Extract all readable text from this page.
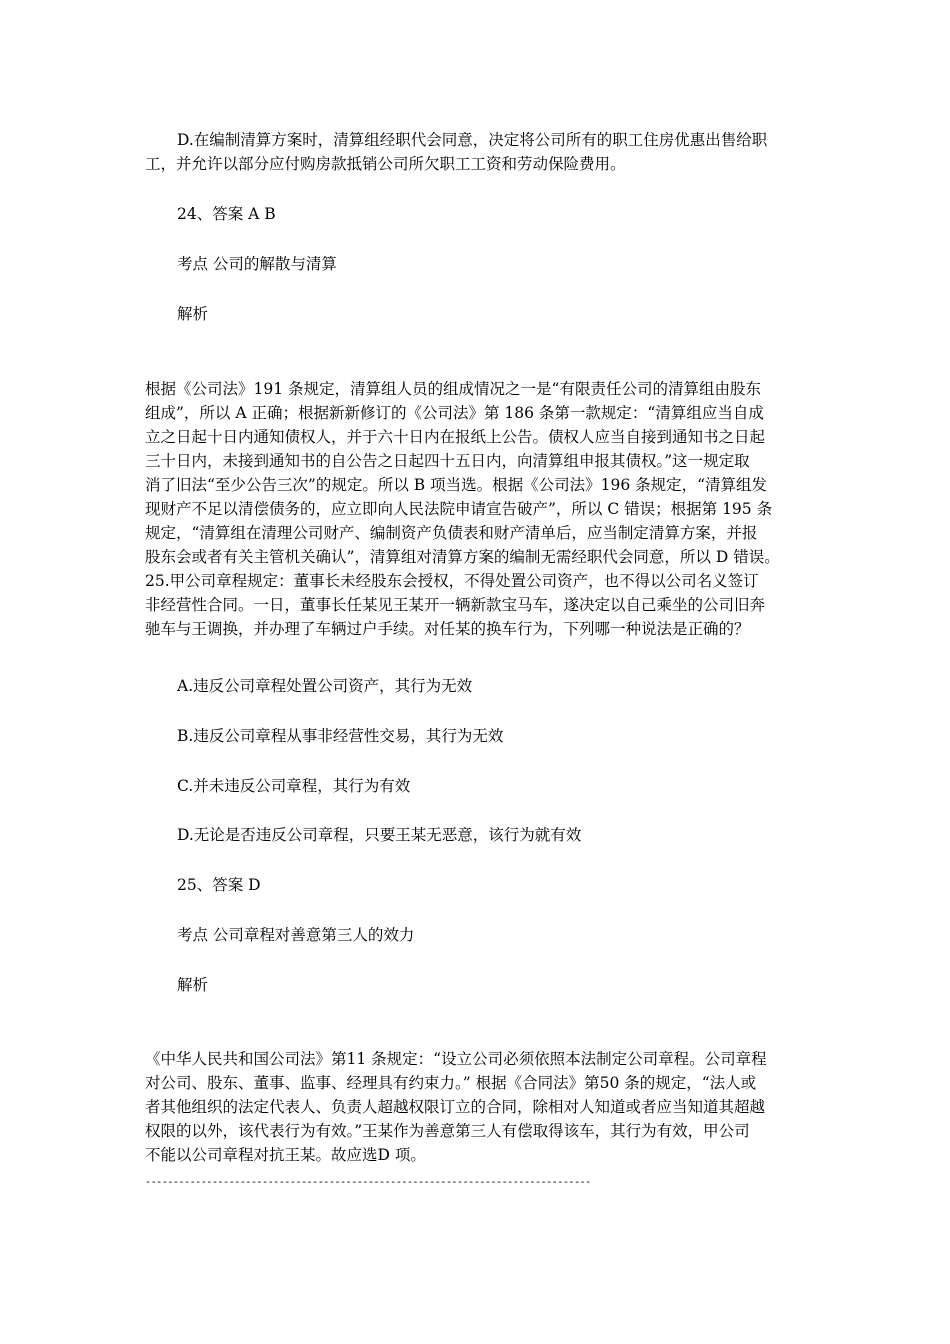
D.在编制清算方案时，清算组经职代会同意，决定将公司所有的职工住房优惠出售给职
工，并允许以部分应付购房款抵销公司所欠职工工资和劳动保险费用。
24、答案 A B
考点 公司的解散与清算
解析
根据《公司法》191 条规定，清算组人员的组成情况之一是“有限责任公司的清算组由股东
组成”，所以 A 正确；根据新新修订的《公司法》第 186 条第一款规定：“清算组应当自成
立之日起十日内通知债权人，并于六十日内在报纸上公告。债权人应当自接到通知书之日起
三十日内，未接到通知书的自公告之日起四十五日内，向清算组申报其债权。”这一规定取
消了旧法“至少公告三次”的规定。所以 B 项当选。根据《公司法》196 条规定，“清算组发
现财产不足以清偿债务的，应立即向人民法院申请宣告破产”，所以 C 错误；根据第 195 条
规定，“清算组在清理公司财产、编制资产负债表和财产清单后，应当制定清算方案，并报
股东会或者有关主管机关确认”，清算组对清算方案的编制无需经职代会同意，所以 D 错误。
25.甲公司章程规定：董事长未经股东会授权，不得处置公司资产，也不得以公司名义签订
非经营性合同。一日，董事长任某见王某开一辆新款宝马车，遂决定以自己乘坐的公司旧奔
驰车与王调换，并办理了车辆过户手续。对任某的换车行为，下列哪一种说法是正确的？
A.违反公司章程处置公司资产，其行为无效
B.违反公司章程从事非经营性交易，其行为无效
C.并未违反公司章程，其行为有效
D.无论是否违反公司章程，只要王某无恶意，该行为就有效
25、答案 D
考点 公司章程对善意第三人的效力
解析
《中华人民共和国公司法》第11 条规定：“设立公司必须依照本法制定公司章程。公司章程
对公司、股东、董事、监事、经理具有约束力。” 根据《合同法》第50 条的规定，“法人或
者其他组织的法定代表人、负责人超越权限订立的合同，除相对人知道或者应当知道其超越
权限的以外，该代表行为有效。”王某作为善意第三人有偿取得该车，其行为有效，甲公司
不能以公司章程对抗王某。故应选D 项。
--------------------------------------------------------------------------------
